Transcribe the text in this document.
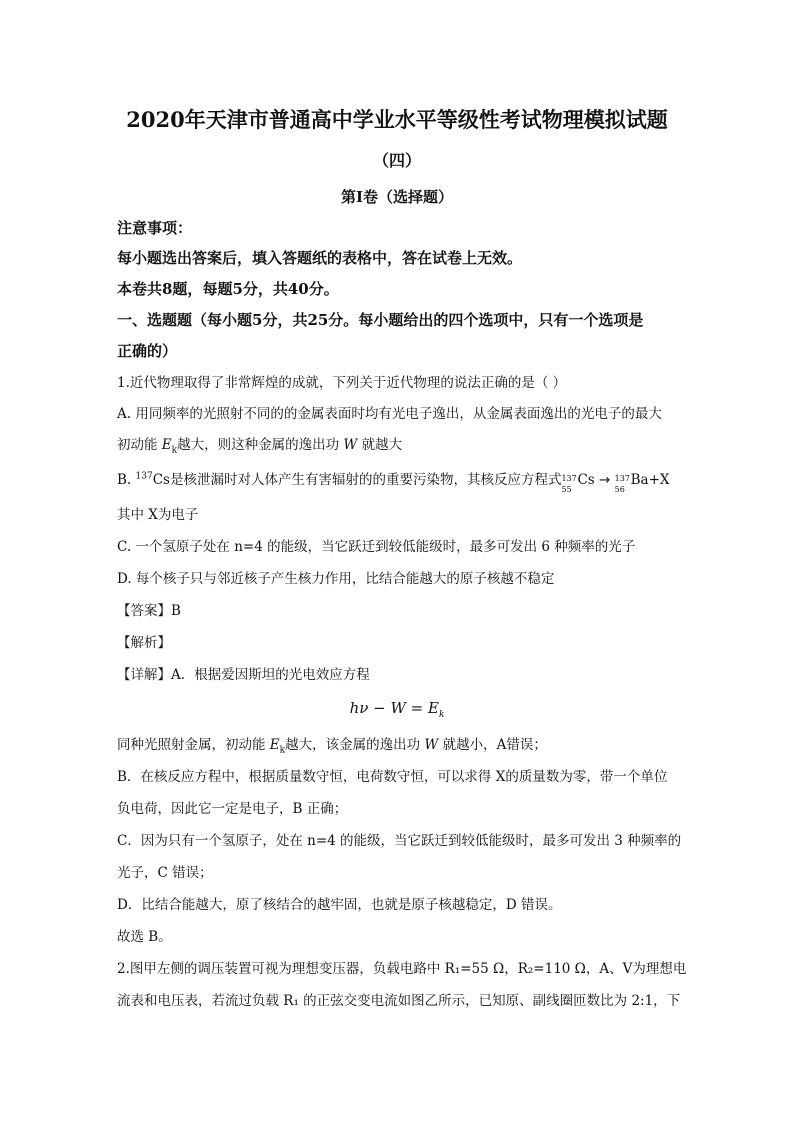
2020年天津市普通高中学业水平等级性考试物理模拟试题
（四）
第Ⅰ卷（选择题）
注意事项：
每小题选出答案后，填入答题纸的表格中，答在试卷上无效。
本卷共8题，每题5分，共40分。
一、选题题（每小题5分，共25分。每小题给出的四个选项中，只有一个选项是
正确的）
1.近代物理取得了非常辉煌的成就，下列关于近代物理的说法正确的是（ ）
A. 用同频率的光照射不同的的金属表面时均有光电子逸出，从金属表面逸出的光电子的最大
初动能 $E_k$越大，则这种金属的逸出功 W 就越大
B. $^{137}$Cs是核泄漏时对人体产生有害辐射的的重要污染物，其核反应方程式 137
55
Cs → 137
56
Ba+X
其中 X为电子
C. 一个氢原子处在 n=4 的能级，当它跃迁到较低能级时，最多可发出 6 种频率的光子
D. 每个核子只与邻近核子产生核力作用，比结合能越大的原子核越不稳定
【答案】B
【解析】
【详解】A．根据爱因斯坦的光电效应方程
$h\nu - W = E_k$
同种光照射金属，初动能 $E_k$越大，该金属的逸出功 W 就越小，A错误；
B．在核反应方程中，根据质量数守恒，电荷数守恒，可以求得 X的质量数为零，带一个单位
负电荷，因此它一定是电子，B 正确；
C．因为只有一个氢原子，处在 n=4 的能级，当它跃迁到较低能级时，最多可发出 3 种频率的
光子，C 错误；
D．比结合能越大，原了核结合的越牢固，也就是原子核越稳定，D 错误。
故选 B。
2.图甲左侧的调压装置可视为理想变压器，负载电路中 R₁=55 Ω，R₂=110 Ω，A、V为理想电
流表和电压表，若流过负载 R₁ 的正弦交变电流如图乙所示，已知原、副线圈匝数比为 2:1，下
